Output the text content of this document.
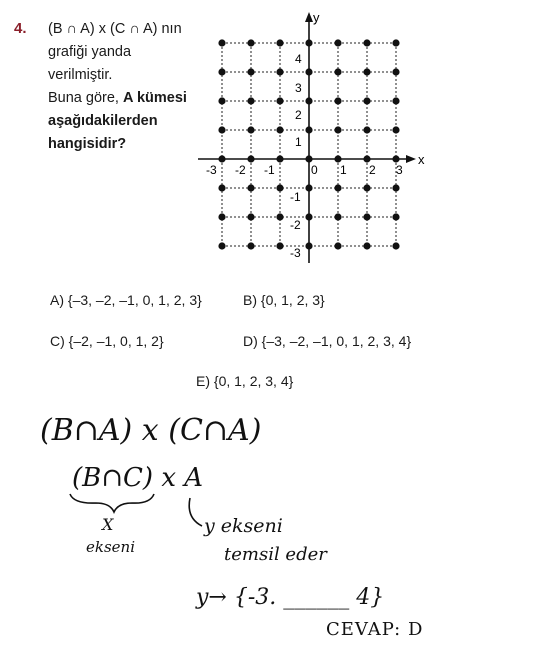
4. (B ∩ A) x (C ∩ A) nın
grafiği yanda
verilmiştir.
Buna göre, A kümesi
aşağıdakilerden
hangisidir?
x
y
-3 -2 -1	0 1 2 3
1
2
3
4
-1
-2
-3
A) {–3, –2, –1, 0, 1, 2, 3}	B) {0, 1, 2, 3}
C) {–2, –1, 0, 1, 2}	D) {–3, –2, –1, 0, 1, 2, 3, 4}
E) {0, 1, 2, 3, 4}
(B∩A) x (C∩A)
(B∩C) x A
X
ekseni
y ekseni
temsil eder
y→ {-3. ______ 4}
CEVAP: D
